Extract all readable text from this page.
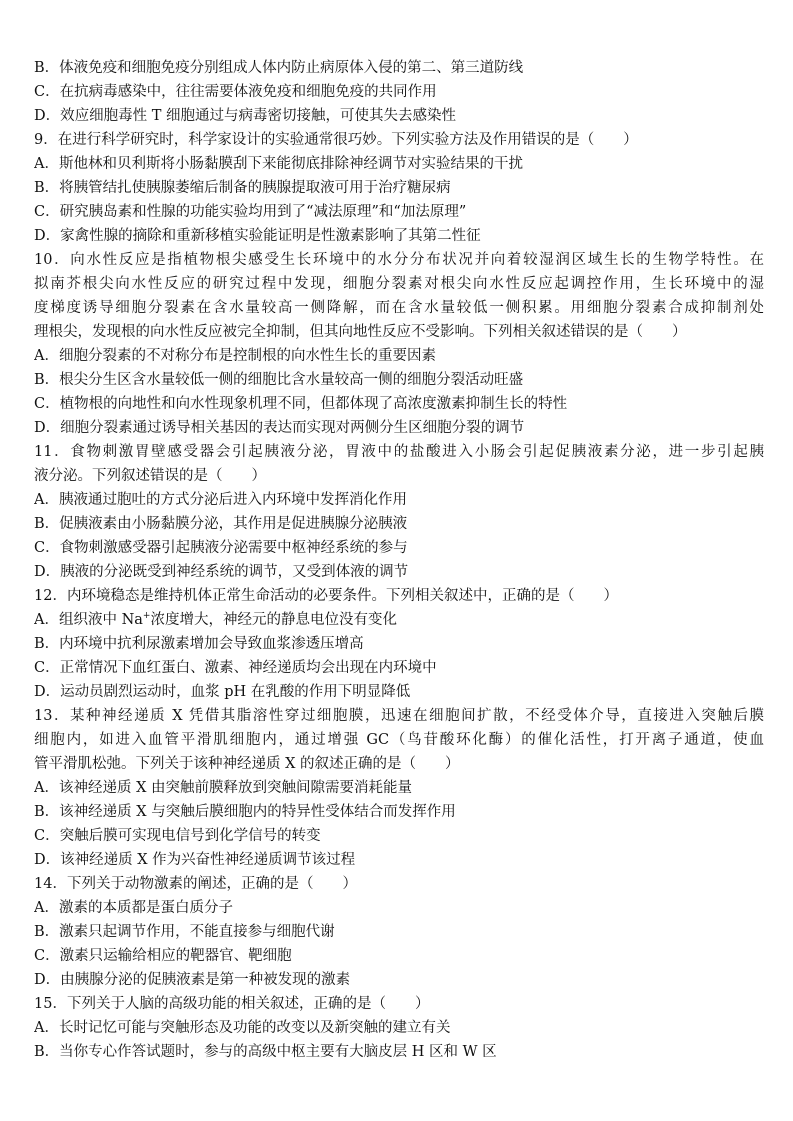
B．体液免疫和细胞免疫分别组成人体内防止病原体入侵的第二、第三道防线
C．在抗病毒感染中，往往需要体液免疫和细胞免疫的共同作用
D．效应细胞毒性 T 细胞通过与病毒密切接触，可使其失去感染性
9．在进行科学研究时，科学家设计的实验通常很巧妙。下列实验方法及作用错误的是（　　）
A．斯他林和贝利斯将小肠黏膜刮下来能彻底排除神经调节对实验结果的干扰
B．将胰管结扎使胰腺萎缩后制备的胰腺提取液可用于治疗糖尿病
C．研究胰岛素和性腺的功能实验均用到了“减法原理”和“加法原理”
D．家禽性腺的摘除和重新移植实验能证明是性激素影响了其第二性征
10．向水性反应是指植物根尖感受生长环境中的水分分布状况并向着较湿润区域生长的生物学特性。在
拟南芥根尖向水性反应的研究过程中发现，细胞分裂素对根尖向水性反应起调控作用，生长环境中的湿
度梯度诱导细胞分裂素在含水量较高一侧降解，而在含水量较低一侧积累。用细胞分裂素合成抑制剂处
理根尖，发现根的向水性反应被完全抑制，但其向地性反应不受影响。下列相关叙述错误的是（　　）
A．细胞分裂素的不对称分布是控制根的向水性生长的重要因素
B．根尖分生区含水量较低一侧的细胞比含水量较高一侧的细胞分裂活动旺盛
C．植物根的向地性和向水性现象机理不同，但都体现了高浓度激素抑制生长的特性
D．细胞分裂素通过诱导相关基因的表达而实现对两侧分生区细胞分裂的调节
11．食物刺激胃壁感受器会引起胰液分泌，胃液中的盐酸进入小肠会引起促胰液素分泌，进一步引起胰
液分泌。下列叙述错误的是（　　）
A．胰液通过胞吐的方式分泌后进入内环境中发挥消化作用
B．促胰液素由小肠黏膜分泌，其作用是促进胰腺分泌胰液
C．食物刺激感受器引起胰液分泌需要中枢神经系统的参与
D．胰液的分泌既受到神经系统的调节，又受到体液的调节
12．内环境稳态是维持机体正常生命活动的必要条件。下列相关叙述中，正确的是（　　）
A．组织液中 Na+浓度增大，神经元的静息电位没有变化
B．内环境中抗利尿激素增加会导致血浆渗透压增高
C．正常情况下血红蛋白、激素、神经递质均会出现在内环境中
D．运动员剧烈运动时，血浆 pH 在乳酸的作用下明显降低
13．某种神经递质 X 凭借其脂溶性穿过细胞膜，迅速在细胞间扩散，不经受体介导，直接进入突触后膜
细胞内，如进入血管平滑肌细胞内，通过增强 GC（鸟苷酸环化酶）的催化活性，打开离子通道，使血
管平滑肌松弛。下列关于该种神经递质 X 的叙述正确的是（　　）
A．该神经递质 X 由突触前膜释放到突触间隙需要消耗能量
B．该神经递质 X 与突触后膜细胞内的特异性受体结合而发挥作用
C．突触后膜可实现电信号到化学信号的转变
D．该神经递质 X 作为兴奋性神经递质调节该过程
14．下列关于动物激素的阐述，正确的是（　　）
A．激素的本质都是蛋白质分子
B．激素只起调节作用，不能直接参与细胞代谢
C．激素只运输给相应的靶器官、靶细胞
D．由胰腺分泌的促胰液素是第一种被发现的激素
15．下列关于人脑的高级功能的相关叙述，正确的是（　　）
A．长时记忆可能与突触形态及功能的改变以及新突触的建立有关
B．当你专心作答试题时，参与的高级中枢主要有大脑皮层 H 区和 W 区
